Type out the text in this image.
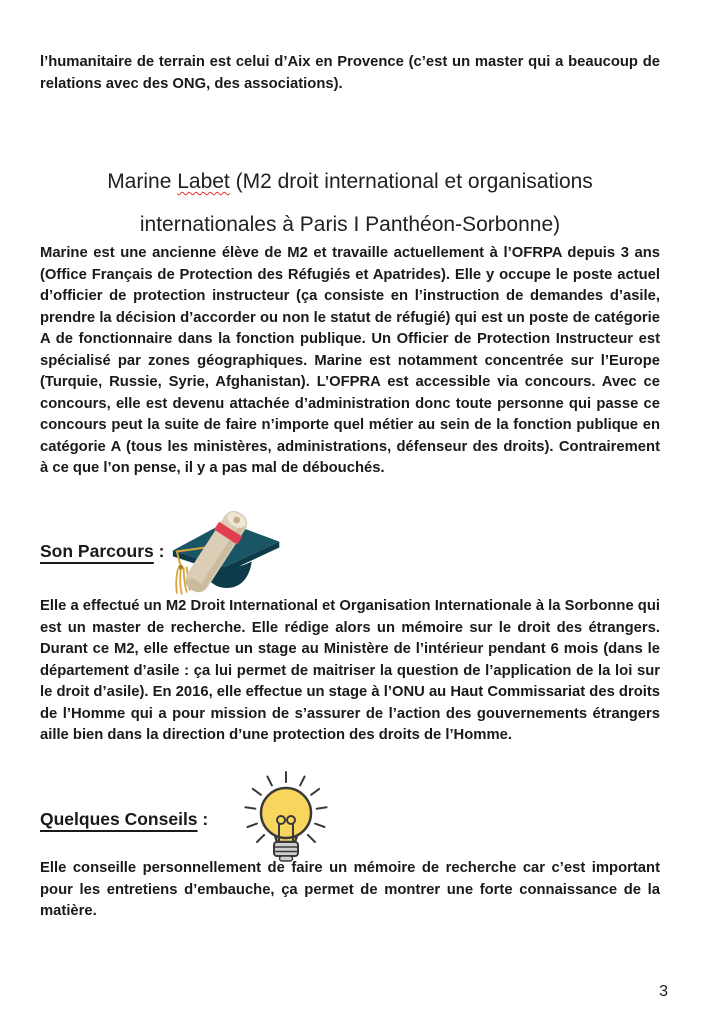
l’humanitaire de terrain est celui d’Aix en Provence (c’est un master qui a beaucoup de relations avec des ONG, des associations).

Marine Labet (M2 droit international et organisations
internationales à Paris I Panthéon-Sorbonne)

Marine est une ancienne élève de M2 et travaille actuellement à l’OFRPA depuis 3 ans (Office Français de Protection des Réfugiés et Apatrides). Elle y occupe le poste actuel d’officier de protection instructeur (ça consiste en l’instruction de demandes d’asile, prendre la décision d’accorder ou non le statut de réfugié) qui est un poste de catégorie A de fonctionnaire dans la fonction publique. Un Officier de Protection Instructeur est spécialisé par zones géographiques. Marine est notamment concentrée sur l’Europe (Turquie, Russie, Syrie, Afghanistan). L’OFPRA est accessible via concours. Avec ce concours, elle est devenu attachée d’administration donc toute personne qui passe ce concours peut la suite de faire n’importe quel métier au sein de la fonction publique en catégorie A (tous les ministères, administrations, défenseur des droits). Contrairement à ce que l’on pense, il y a pas mal de débouchés.

Son Parcours :

Elle a effectué un M2 Droit International et Organisation Internationale à la Sorbonne qui est un master de recherche. Elle rédige alors un mémoire sur le droit des étrangers. Durant ce M2, elle effectue un stage au Ministère de l’intérieur pendant 6 mois (dans le département d’asile : ça lui permet de maitriser la question de l’application de la loi sur le droit d’asile). En 2016, elle effectue un stage à l’ONU au Haut Commissariat des droits de l’Homme qui a pour mission de s’assurer de l’action des gouvernements étrangers aille bien dans la direction d’une protection des droits de l’Homme.

Quelques Conseils :

Elle conseille personnellement de faire un mémoire de recherche car c’est important pour les entretiens d’embauche, ça permet de montrer une forte connaissance de la matière.

3
